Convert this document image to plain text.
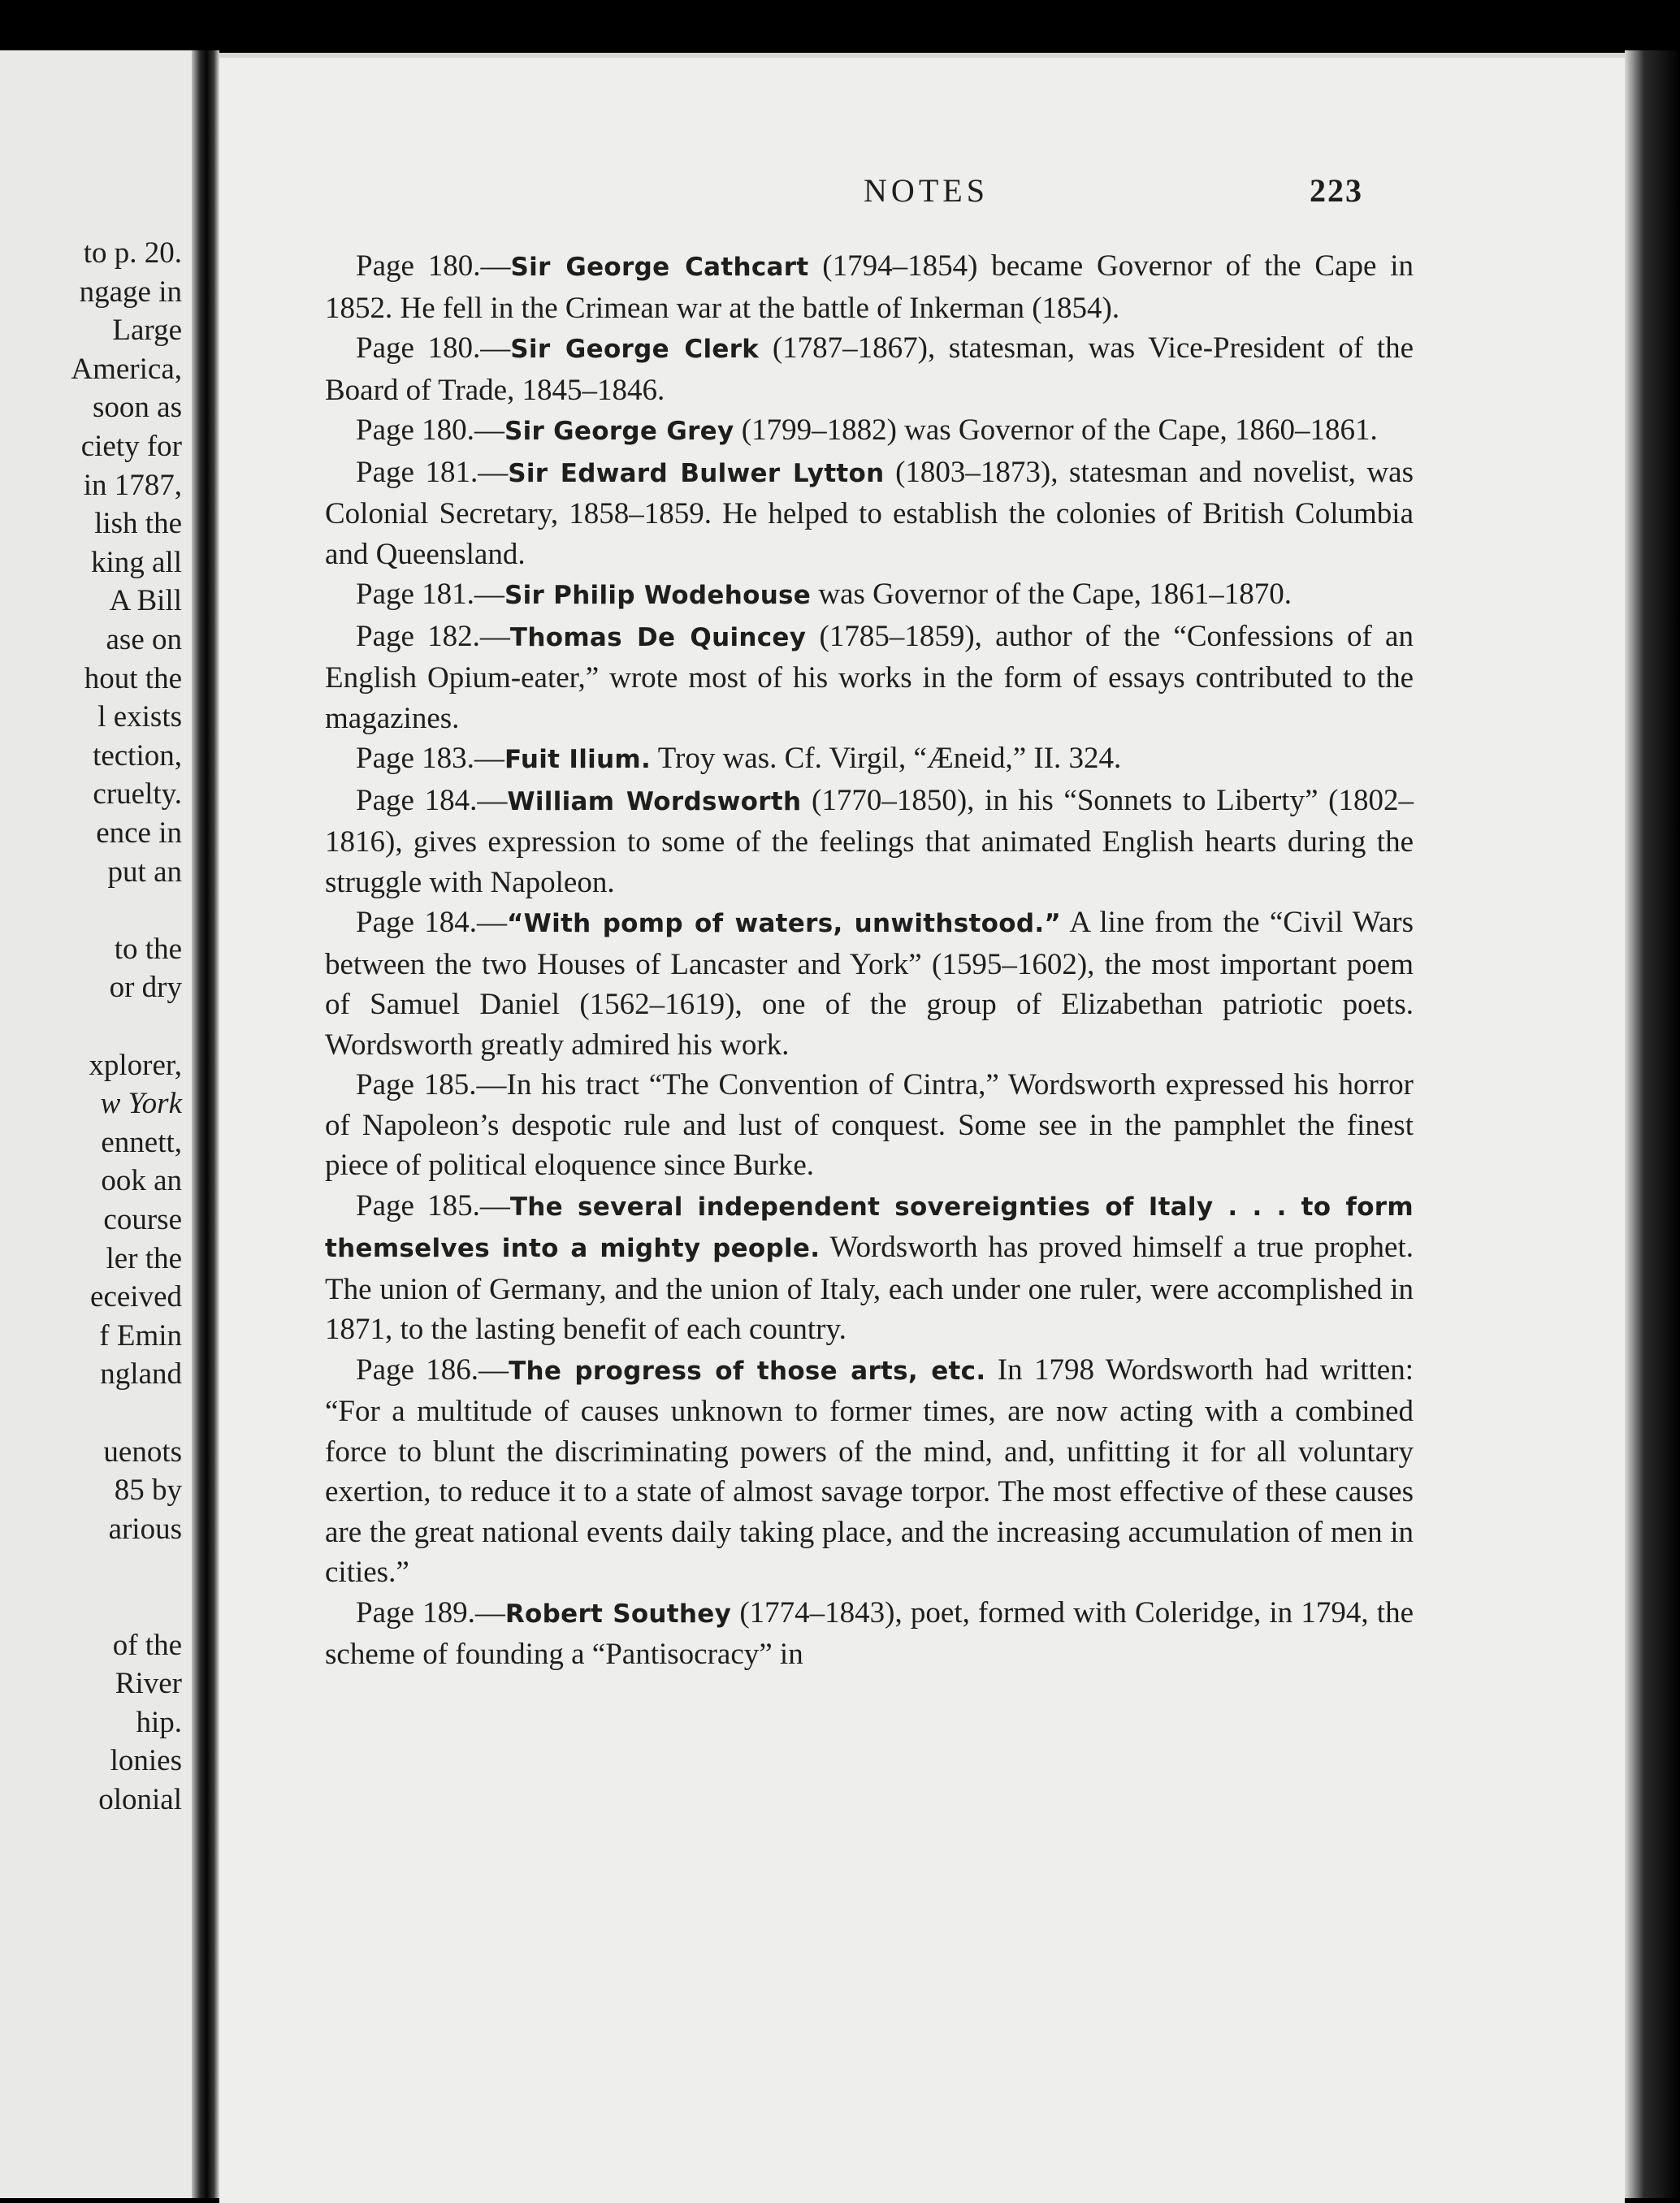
to p. 20.
ngage in
Large
America,
soon as
ciety for
in 1787,
lish the
king all
A Bill
ase on
hout the
l exists
tection,
cruelty.
ence in
put an
to the
or dry
xplorer,
w York
ennett,
ook an
course
ler the
eceived
f Emin
ngland
uenots
85 by
arious
of the
River
hip.
lonies
olonial
NOTES	223

Page 180.—Sir George Cathcart (1794–1854) became Governor of the Cape in 1852. He fell in the Crimean war at the battle of Inkerman (1854).

Page 180.—Sir George Clerk (1787–1867), statesman, was Vice-President of the Board of Trade, 1845–1846.

Page 180.—Sir George Grey (1799–1882) was Governor of the Cape, 1860–1861.

Page 181.—Sir Edward Bulwer Lytton (1803–1873), statesman and novelist, was Colonial Secretary, 1858–1859. He helped to establish the colonies of British Columbia and Queensland.

Page 181.—Sir Philip Wodehouse was Governor of the Cape, 1861–1870.

Page 182.—Thomas De Quincey (1785–1859), author of the “Confessions of an English Opium-eater,” wrote most of his works in the form of essays contributed to the magazines.

Page 183.—Fuit Ilium. Troy was. Cf. Virgil, “Æneid,” II. 324.

Page 184.—William Wordsworth (1770–1850), in his “Sonnets to Liberty” (1802–1816), gives expression to some of the feelings that animated English hearts during the struggle with Napoleon.

Page 184.—“With pomp of waters, unwithstood.” A line from the “Civil Wars between the two Houses of Lancaster and York” (1595–1602), the most important poem of Samuel Daniel (1562–1619), one of the group of Elizabethan patriotic poets. Wordsworth greatly admired his work.

Page 185.—In his tract “The Convention of Cintra,” Wordsworth expressed his horror of Napoleon’s despotic rule and lust of conquest. Some see in the pamphlet the finest piece of political eloquence since Burke.

Page 185.—The several independent sovereignties of Italy . . . to form themselves into a mighty people. Wordsworth has proved himself a true prophet. The union of Germany, and the union of Italy, each under one ruler, were accomplished in 1871, to the lasting benefit of each country.

Page 186.—The progress of those arts, etc. In 1798 Wordsworth had written: “For a multitude of causes unknown to former times, are now acting with a combined force to blunt the discriminating powers of the mind, and, unfitting it for all voluntary exertion, to reduce it to a state of almost savage torpor. The most effective of these causes are the great national events daily taking place, and the increasing accumulation of men in cities.”

Page 189.—Robert Southey (1774–1843), poet, formed with Coleridge, in 1794, the scheme of founding a “Pantisocracy” in
